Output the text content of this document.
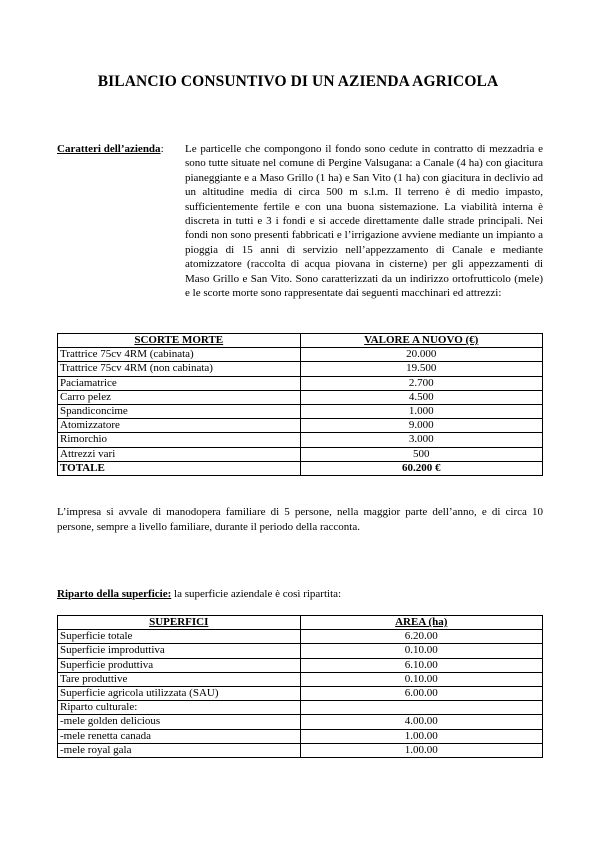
BILANCIO CONSUNTIVO DI UN AZIENDA AGRICOLA
Caratteri dell’azienda:	Le particelle che compongono il fondo sono cedute in contratto di mezzadria e sono tutte situate nel comune di Pergine Valsugana: a Canale (4 ha) con giacitura pianeggiante e a Maso Grillo (1 ha) e San Vito (1 ha) con giacitura in declivio ad un altitudine media di circa 500 m s.l.m. Il terreno è di medio impasto, sufficientemente fertile e con una buona sistemazione. La viabilità interna è discreta in tutti e 3 i fondi e si accede direttamente dalle strade principali. Nei fondi non sono presenti fabbricati e l’irrigazione avviene mediante un impianto a pioggia di 15 anni di servizio nell’appezzamento di Canale e mediante atomizzatore (raccolta di acqua piovana in cisterne) per gli appezzamenti di Maso Grillo e San Vito. Sono caratterizzati da un indirizzo ortofrutticolo (mele) e le scorte morte sono rappresentate dai seguenti macchinari ed attrezzi:
SCORTE MORTE	VALORE A NUOVO (€)
Trattrice 75cv 4RM (cabinata)	20.000
Trattrice 75cv 4RM (non cabinata)	19.500
Paciamatrice	2.700
Carro pelez	4.500
Spandiconcime	1.000
Atomizzatore	9.000
Rimorchio	3.000
Attrezzi vari	500
TOTALE	60.200 €
L’impresa si avvale di manodopera familiare di 5 persone, nella maggior parte dell’anno, e di circa 10 persone, sempre a livello familiare, durante il periodo della racconta.
Riparto della superficie: la superficie aziendale è così ripartita:
SUPERFICI	AREA (ha)
Superficie totale	6.20.00
Superficie improduttiva	0.10.00
Superficie produttiva	6.10.00
Tare produttive	0.10.00
Superficie agricola utilizzata (SAU)	6.00.00
Riparto culturale:	
-mele golden delicious	4.00.00
-mele renetta canada	1.00.00
-mele royal gala	1.00.00
